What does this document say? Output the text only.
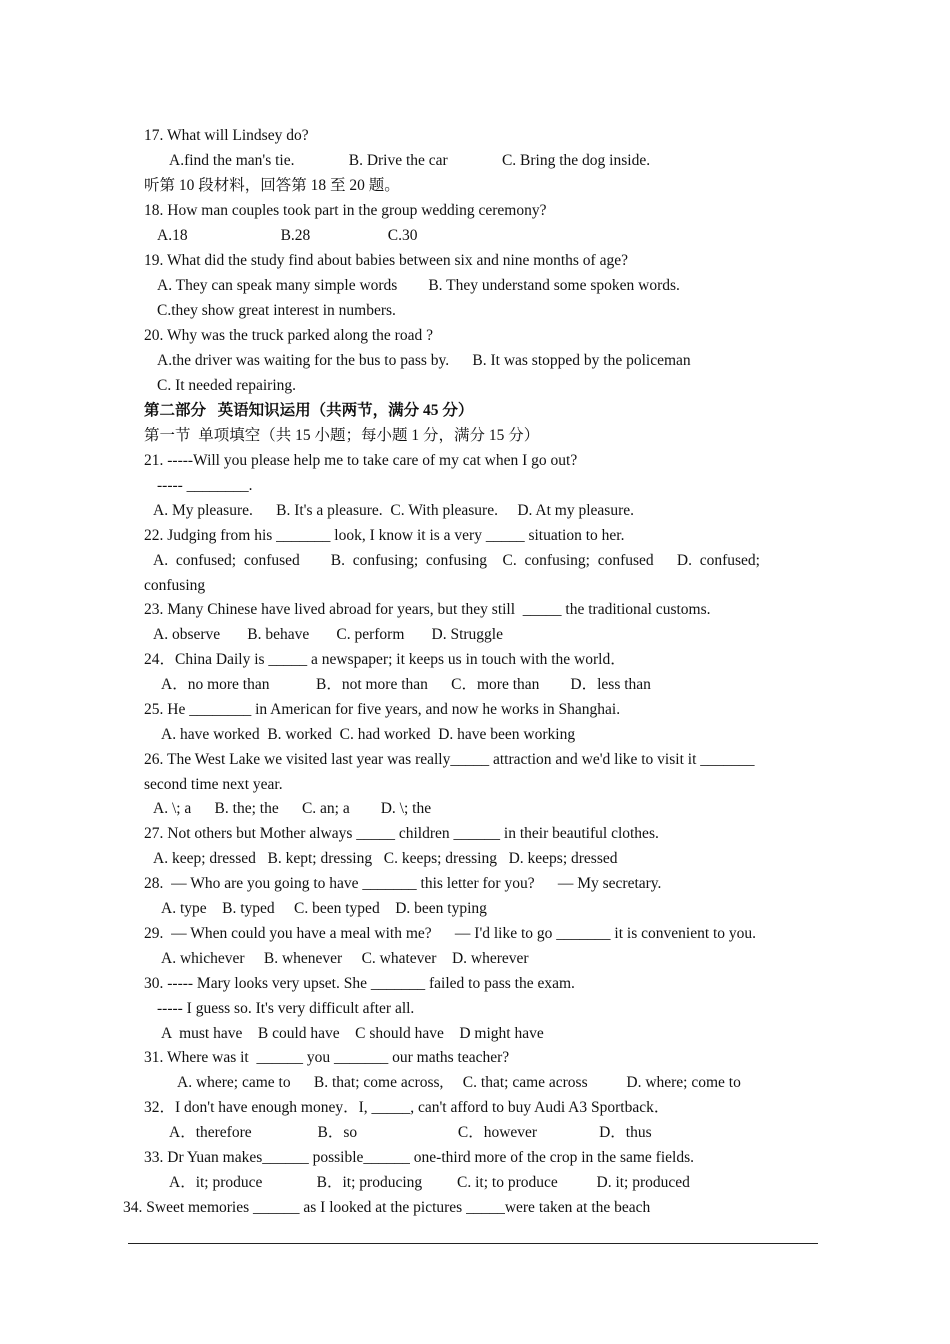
17. What will Lindsey do?
A.find the man's tie.              B. Drive the car              C. Bring the dog inside.
听第 10 段材料，回答第 18 至 20 题。
18. How man couples took part in the group wedding ceremony?
A.18                        B.28                    C.30
19. What did the study find about babies between six and nine months of age?
A. They can speak many simple words        B. They understand some spoken words.
C.they show great interest in numbers.
20. Why was the truck parked along the road ?
A.the driver was waiting for the bus to pass by.      B. It was stopped by the policeman
C. It needed repairing.
第二部分   英语知识运用（共两节，满分 45 分）
第一节  单项填空（共 15 小题；每小题 1 分，满分 15 分）
21. -----Will you please help me to take care of my cat when I go out?
----- ________.
A. My pleasure.      B. It's a pleasure.  C. With pleasure.     D. At my pleasure.
22. Judging from his _______ look, I know it is a very _____ situation to her.
A.  confused;  confused        B.  confusing;  confusing    C.  confusing;  confused      D.  confused;
confusing
23. Many Chinese have lived abroad for years, but they still  _____ the traditional customs.
A. observe       B. behave       C. perform       D. Struggle
24．China Daily is _____ a newspaper; it keeps us in touch with the world．
A．no more than            B．not more than      C．more than        D．less than
25. He ________ in American for five years, and now he works in Shanghai.
A. have worked  B. worked  C. had worked  D. have been working
26. The West Lake we visited last year was really_____ attraction and we'd like to visit it _______
second time next year.
A. \; a      B. the; the      C. an; a        D. \; the
27. Not others but Mother always _____ children ______ in their beautiful clothes.
A. keep; dressed   B. kept; dressing   C. keeps; dressing   D. keeps; dressed
28.  — Who are you going to have _______ this letter for you?      — My secretary.
A. type    B. typed     C. been typed    D. been typing
29.  — When could you have a meal with me?      — I'd like to go _______ it is convenient to you.
A. whichever     B. whenever     C. whatever    D. wherever
30. ----- Mary looks very upset. She _______ failed to pass the exam.
----- I guess so. It's very difficult after all.
A  must have    B could have    C should have    D might have
31. Where was it  ______ you _______ our maths teacher?
A. where; came to      B. that; come across,     C. that; came across          D. where; come to
32．I don't have enough money．I, _____, can't afford to buy Audi A3 Sportback．
A．therefore                 B．so                          C．however                D．thus
33. Dr Yuan makes______ possible______ one-third more of the crop in the same fields.
A．it; produce              B．it; producing         C. it; to produce          D. it; produced
34. Sweet memories ______ as I looked at the pictures _____were taken at the beach
